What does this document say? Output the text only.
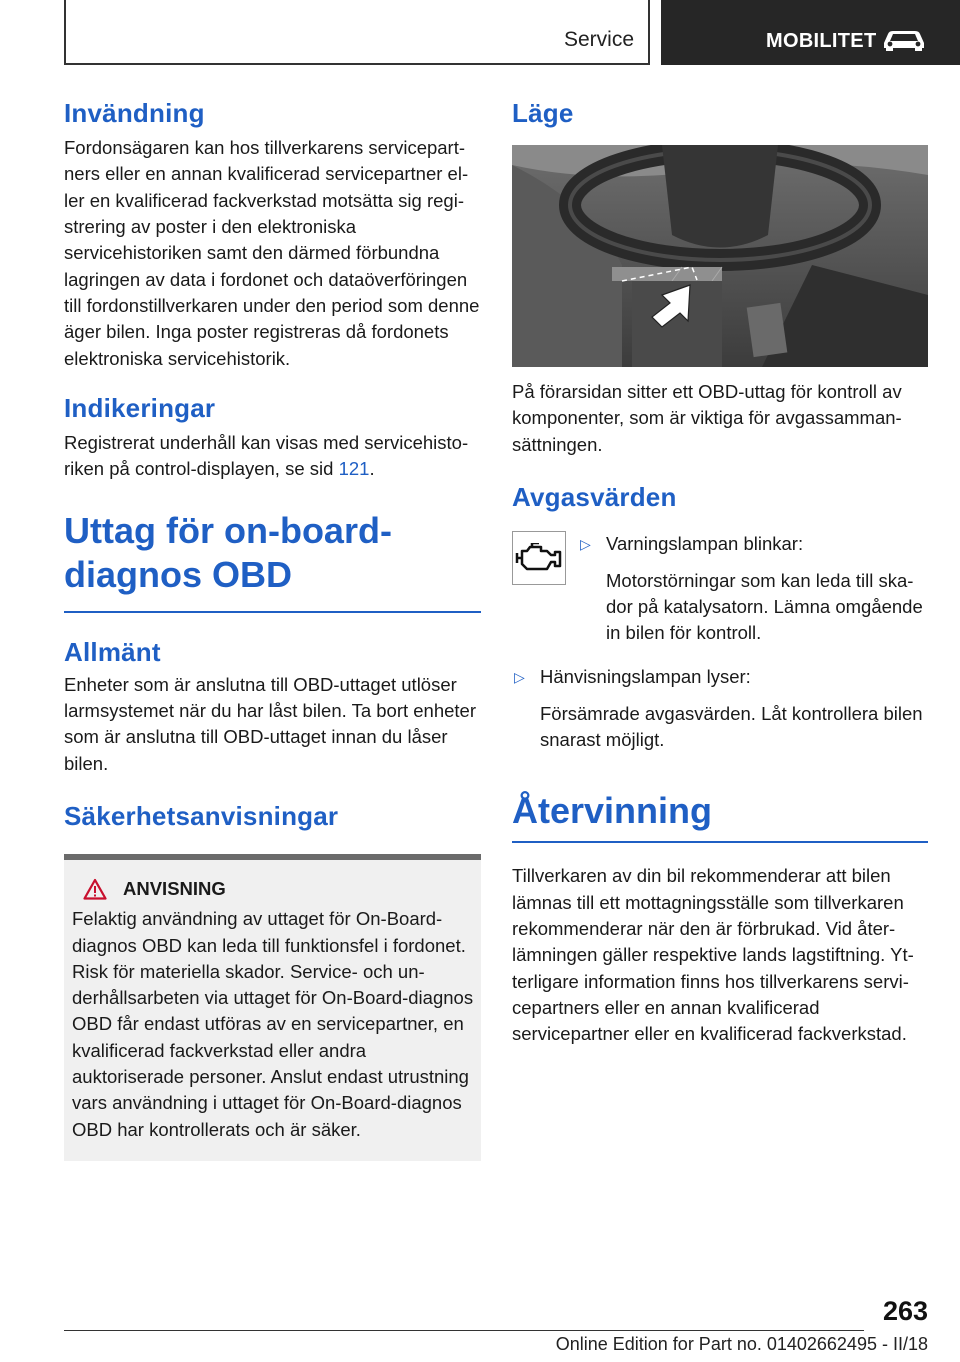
Service	MOBILITET
Invändning

Fordonsägaren kan hos tillverkarens servicepartners eller en annan kvalificerad servicepartner eller en kvalificerad fackverkstad motsätta sig registrering av poster i den elektroniska servicehistoriken samt den därmed förbundna lagringen av data i fordonet och dataöverföringen till fordonstillverkaren under den period som denne äger bilen. Inga poster registreras då fordonets elektroniska servicehistorik.

Indikeringar

Registrerat underhåll kan visas med servicehistoriken på control-displayen, se sid 121.

Uttag för on-board-diagnos OBD
Allmänt

Enheter som är anslutna till OBD-uttaget utlöser larmsystemet när du har låst bilen. Ta bort enheter som är anslutna till OBD-uttaget innan du låser bilen.

Säkerhetsanvisningar
ANVISNING

Felaktig användning av uttaget för On-Board-diagnos OBD kan leda till funktionsfel i fordonet. Risk för materiella skador. Service- och underhållsarbeten via uttaget för On-Board-diagnos OBD får endast utföras av en servicepartner, en kvalificerad fackverkstad eller andra auktoriserade personer. Anslut endast utrustning vars användning i uttaget för On-Board-diagnos OBD har kontrollerats och är säker.

Läge

På förarsidan sitter ett OBD-uttag för kontroll av komponenter, som är viktiga för avgassammansättningen.

Avgasvärden
▷ Varningslampan blinkar:

Motorstörningar som kan leda till skador på katalysatorn. Lämna omgående in bilen för kontroll.

▷ Hänvisningslampan lyser:

Försämrade avgasvärden. Låt kontrollera bilen snarast möjligt.

Återvinning

Tillverkaren av din bil rekommenderar att bilen lämnas till ett mottagningsställe som tillverkaren rekommenderar när den är förbrukad. Vid återlämningen gäller respektive lands lagstiftning. Ytterligare information finns hos tillverkarens servicepartners eller en annan kvalificerad servicepartner eller en kvalificerad fackverkstad.

263
Online Edition for Part no. 01402662495 - II/18
